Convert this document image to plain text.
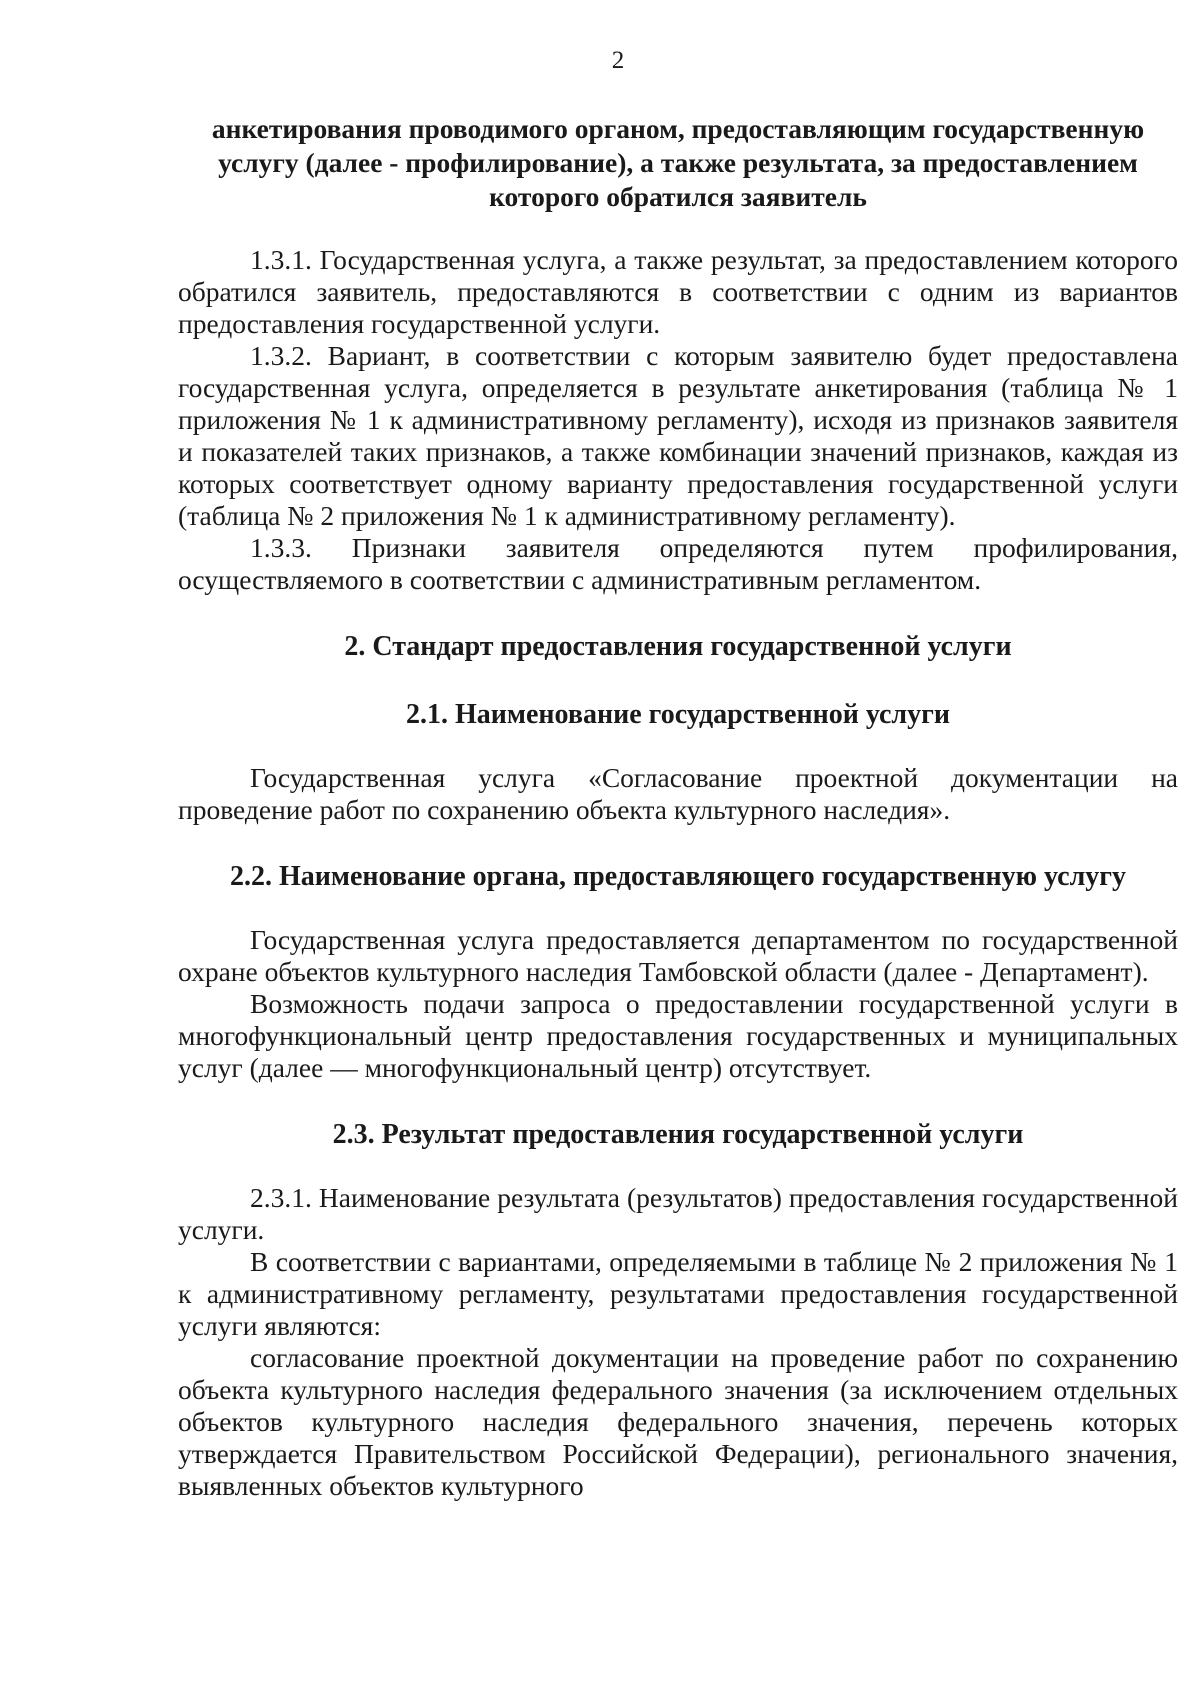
2
анкетирования проводимого органом, предоставляющим государственную услугу (далее - профилирование), а также результата, за предоставлением которого обратился заявитель

1.3.1. Государственная услуга, а также результат, за предоставлением которого обратился заявитель, предоставляются в соответствии с одним из вариантов предоставления государственной услуги.

1.3.2. Вариант, в соответствии с которым заявителю будет предоставлена государственная услуга, определяется в результате анкетирования (таблица № 1 приложения № 1 к административному регламенту), исходя из признаков заявителя и показателей таких признаков, а также комбинации значений признаков, каждая из которых соответствует одному варианту предоставления государственной услуги (таблица № 2 приложения № 1 к административному регламенту).

1.3.3. Признаки заявителя определяются путем профилирования, осуществляемого в соответствии с административным регламентом.

2. Стандарт предоставления государственной услуги
2.1. Наименование государственной услуги

Государственная услуга «Согласование проектной документации на проведение работ по сохранению объекта культурного наследия».

2.2. Наименование органа, предоставляющего государственную услугу

Государственная услуга предоставляется департаментом по государственной охране объектов культурного наследия Тамбовской области (далее - Департамент).

Возможность подачи запроса о предоставлении государственной услуги в многофункциональный центр предоставления государственных и муниципальных услуг (далее — многофункциональный центр) отсутствует.

2.3. Результат предоставления государственной услуги

2.3.1. Наименование результата (результатов) предоставления государственной услуги.

В соответствии с вариантами, определяемыми в таблице № 2 приложения № 1 к административному регламенту, результатами предоставления государственной услуги являются:

согласование проектной документации на проведение работ по сохранению объекта культурного наследия федерального значения (за исключением отдельных объектов культурного наследия федерального значения, перечень которых утверждается Правительством Российской Федерации), регионального значения, выявленных объектов культурного
